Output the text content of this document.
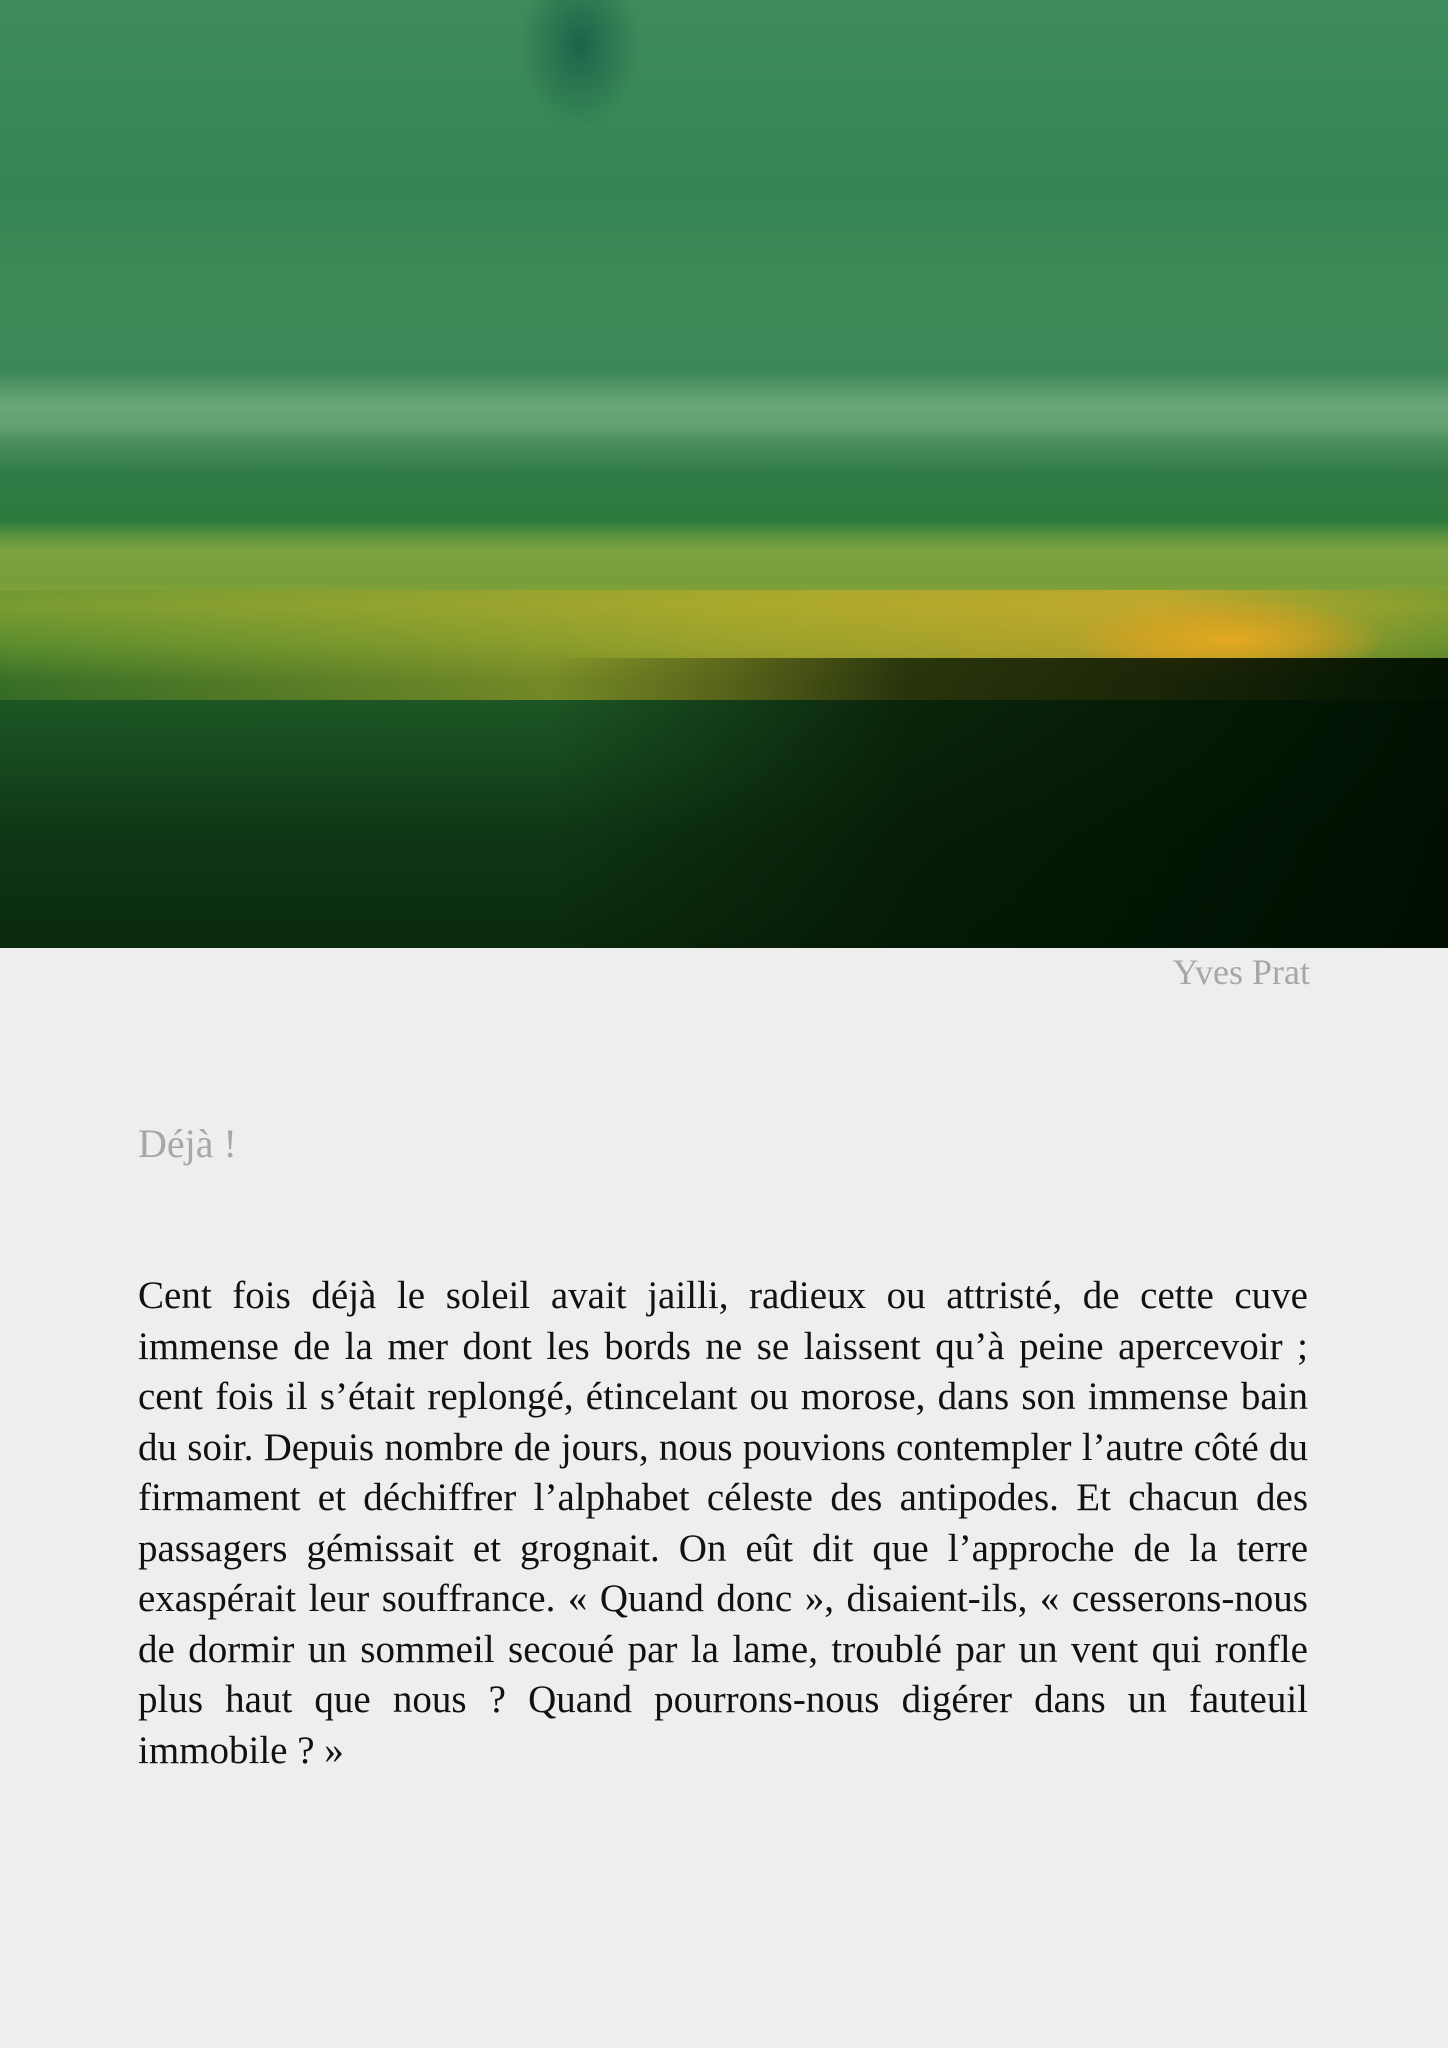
Yves Prat
Déjà !
Cent fois déjà le soleil avait jailli, radieux ou attristé, de cette cuve immense de la mer dont les bords ne se laissent qu’à peine apercevoir ; cent fois il s’était replongé, étincelant ou morose, dans son immense bain du soir. Depuis nombre de jours, nous pouvions contempler l’autre côté du firmament et déchiffrer l’alphabet céleste des antipodes. Et chacun des passagers gémissait et grognait. On eût dit que l’approche de la terre exaspérait leur souffrance. « Quand donc », disaient-ils, « cesserons-nous de dormir un sommeil secoué par la lame, troublé par un vent qui ronfle plus haut que nous ? Quand pourrons-nous digérer dans un fauteuil immobile ? »
